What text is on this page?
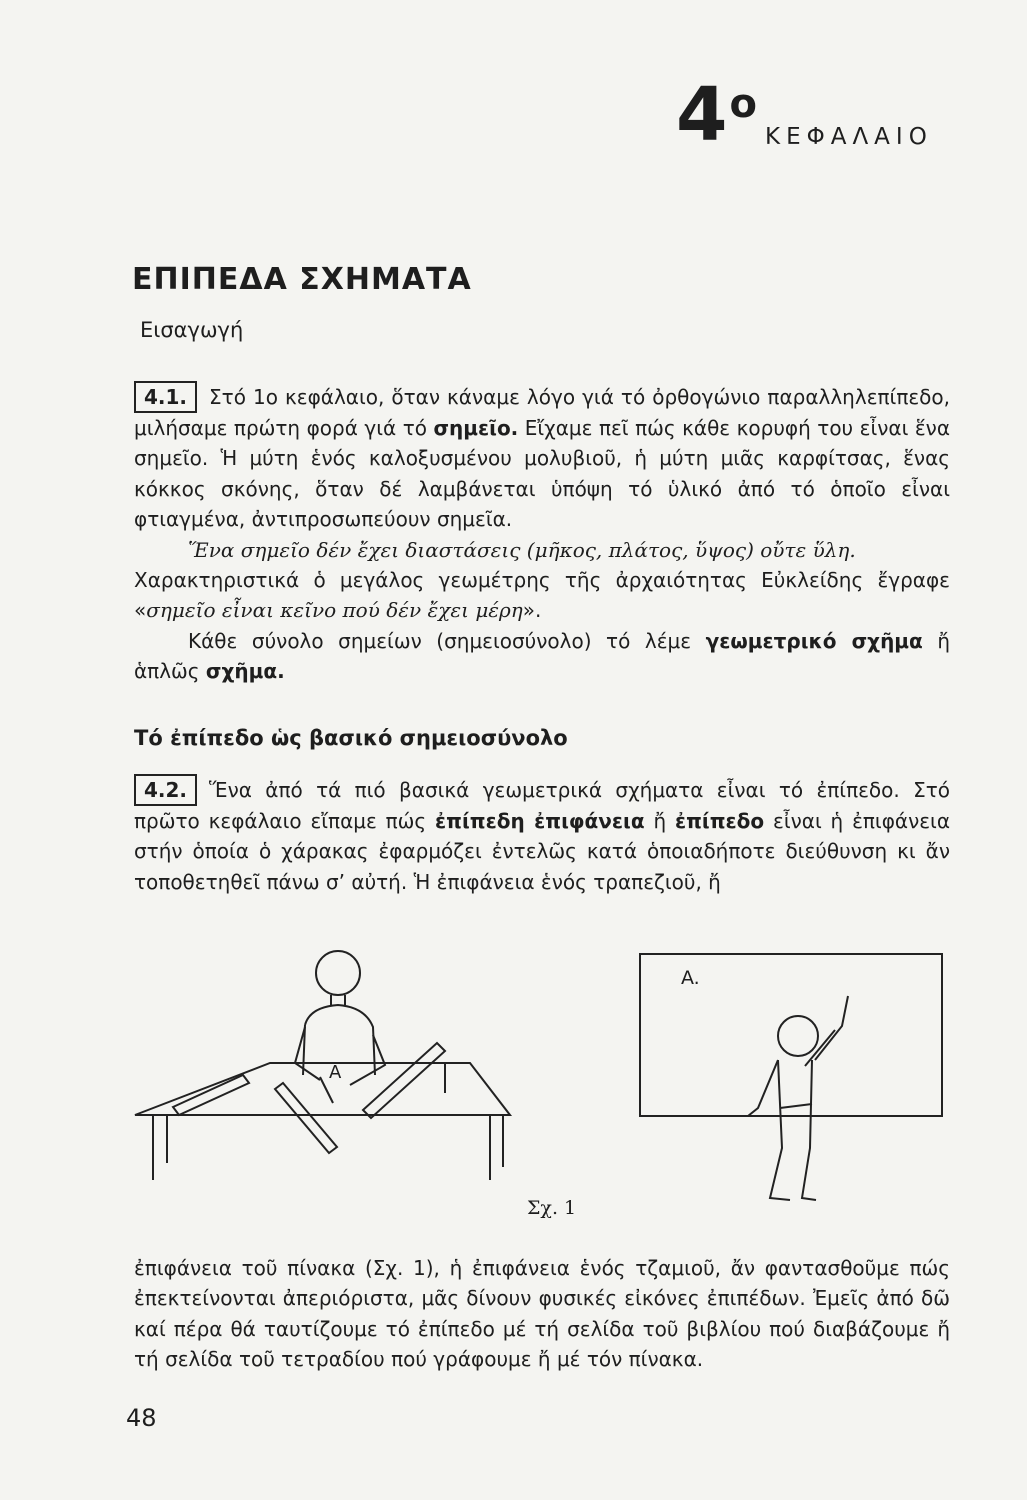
$4^o$
ΚΕΦΑΛΑΙΟ
ΕΠΙΠΕΔΑ ΣΧΗΜΑΤΑ
Εισαγωγή
4.1. Στό 1ο κεφάλαιο, ὅταν κάναμε λόγο γιά τό ὀρθογώνιο παραλληλεπίπεδο, μιλήσαμε πρώτη φορά γιά τό σημεῖο. Εἴχαμε πεῖ πώς κάθε κορυφή του εἶναι ἕνα σημεῖο. Ἡ μύτη ἑνός καλοξυσμένου μολυβιοῦ, ἡ μύτη μιᾶς καρφίτσας, ἕνας κόκκος σκόνης, ὅταν δέ λαμβάνεται ὑπόψη τό ὑλικό ἀπό τό ὁποῖο εἶναι φτιαγμένα, ἀντιπροσωπεύουν σημεῖα.
Ἕνα σημεῖο δέν ἔχει διαστάσεις (μῆκος, πλάτος, ὕψος) οὔτε ὕλη.
Χαρακτηριστικά ὁ μεγάλος γεωμέτρης τῆς ἀρχαιότητας Εὐκλείδης ἔγραφε «σημεῖο εἶναι κεῖνο πού δέν ἔχει μέρη».
Κάθε σύνολο σημείων (σημειοσύνολο) τό λέμε γεωμετρικό σχῆμα ἤ ἁπλῶς σχῆμα.
Τό ἐπίπεδο ὡς βασικό σημειοσύνολο
4.2. Ἕνα ἀπό τά πιό βασικά γεωμετρικά σχήματα εἶναι τό ἐπίπεδο. Στό πρῶτο κεφάλαιο εἴπαμε πώς ἐπίπεδη ἐπιφάνεια ἤ ἐπίπεδο εἶναι ἡ ἐπιφάνεια στήν ὁποία ὁ χάρακας ἐφαρμόζει ἐντελῶς κατά ὁποιαδήποτε διεύθυνση κι ἄν τοποθετηθεῖ πάνω σ’ αὐτή. Ἡ ἐπιφάνεια ἑνός τραπεζιοῦ, ἤ
A
A.
Σχ. 1
ἐπιφάνεια τοῦ πίνακα (Σχ. 1), ἡ ἐπιφάνεια ἑνός τζαμιοῦ, ἄν φαντασθοῦμε πώς ἐπεκτείνονται ἀπεριόριστα, μᾶς δίνουν φυσικές εἰκόνες ἐπιπέδων. Ἐμεῖς ἀπό δῶ καί πέρα θά ταυτίζουμε τό ἐπίπεδο μέ τή σελίδα τοῦ βιβλίου πού διαβάζουμε ἤ τή σελίδα τοῦ τετραδίου πού γράφουμε ἤ μέ τόν πίνακα.
48
